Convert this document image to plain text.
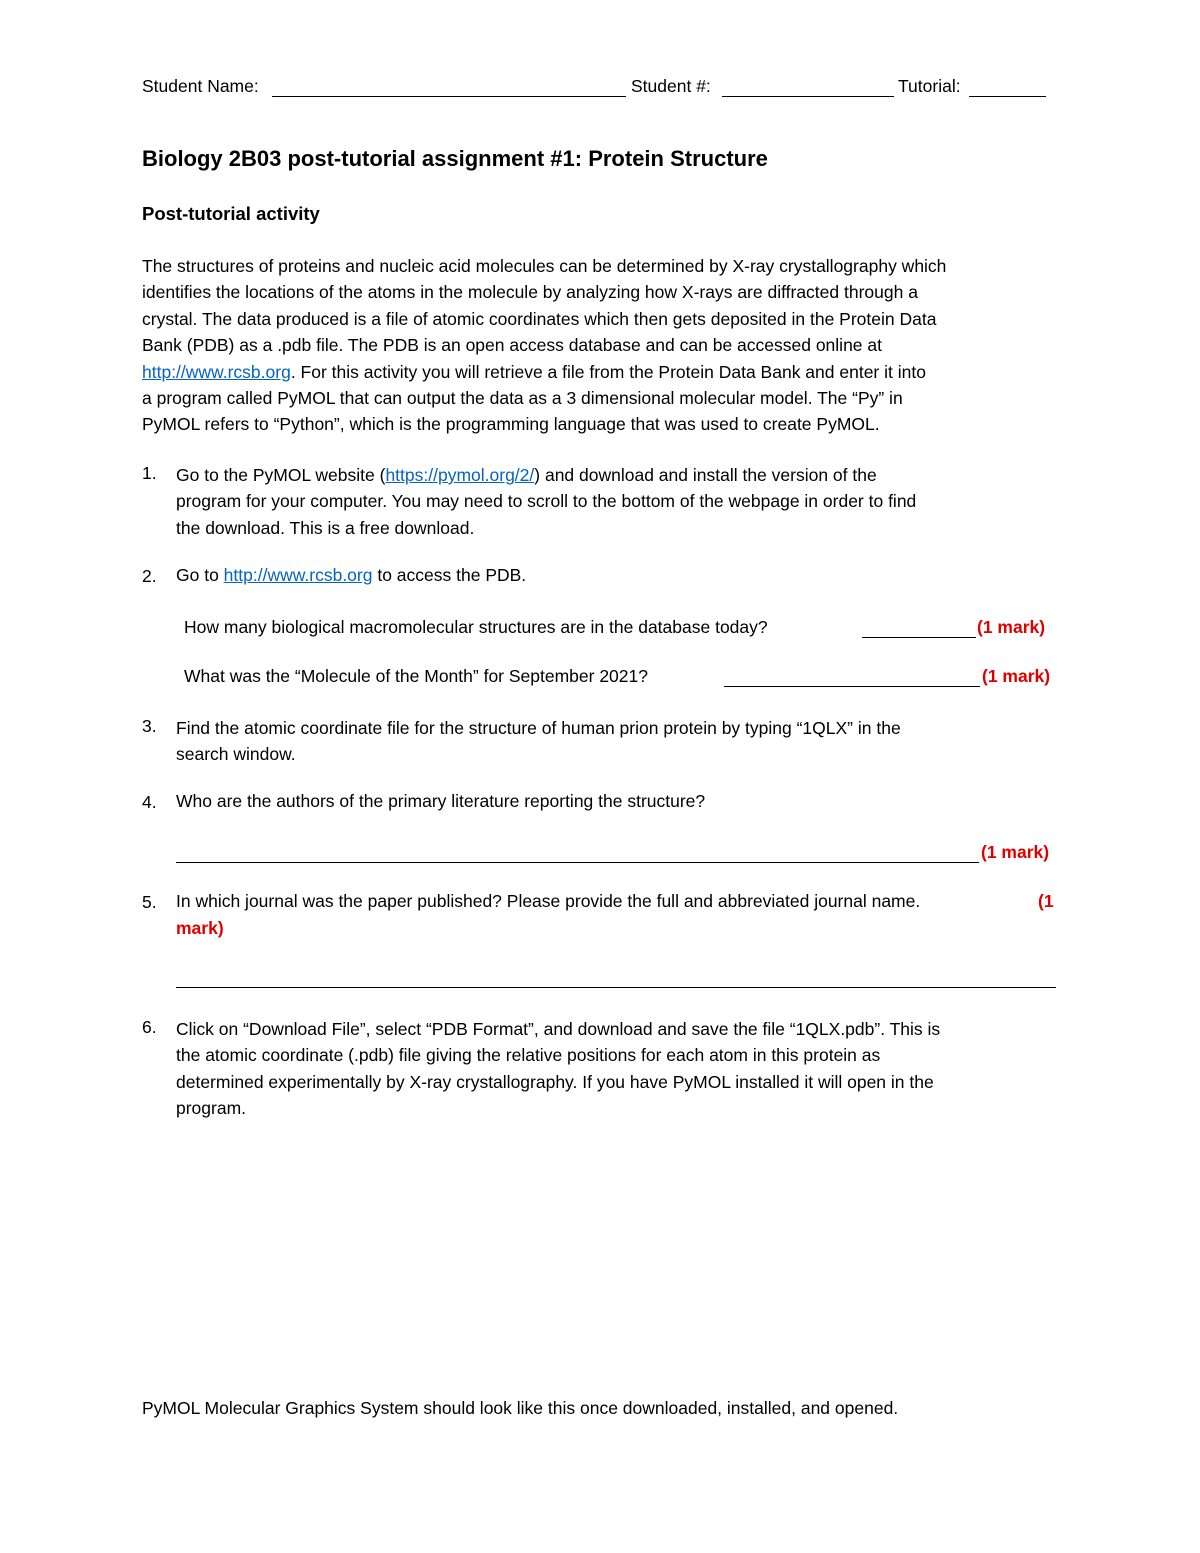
Student Name:	Student #:	Tutorial:
Biology 2B03 post-tutorial assignment #1: Protein Structure
Post-tutorial activity
The structures of proteins and nucleic acid molecules can be determined by X-ray crystallography which
identifies the locations of the atoms in the molecule by analyzing how X-rays are diffracted through a
crystal. The data produced is a file of atomic coordinates which then gets deposited in the Protein Data
Bank (PDB) as a .pdb file. The PDB is an open access database and can be accessed online at
http://www.rcsb.org. For this activity you will retrieve a file from the Protein Data Bank and enter it into
a program called PyMOL that can output the data as a 3 dimensional molecular model. The “Py” in
PyMOL refers to “Python”, which is the programming language that was used to create PyMOL.
1. Go to the PyMOL website (https://pymol.org/2/) and download and install the version of the
program for your computer. You may need to scroll to the bottom of the webpage in order to find
the download. This is a free download.
2. Go to http://www.rcsb.org to access the PDB.
How many biological macromolecular structures are in the database today?	(1 mark)
What was the “Molecule of the Month” for September 2021?	(1 mark)
3. Find the atomic coordinate file for the structure of human prion protein by typing “1QLX” in the
search window.
4. Who are the authors of the primary literature reporting the structure?
(1 mark)
5. In which journal was the paper published? Please provide the full and abbreviated journal name.	(1
mark)
6. Click on “Download File”, select “PDB Format”, and download and save the file “1QLX.pdb”. This is
the atomic coordinate (.pdb) file giving the relative positions for each atom in this protein as
determined experimentally by X-ray crystallography. If you have PyMOL installed it will open in the
program.
PyMOL Molecular Graphics System should look like this once downloaded, installed, and opened.
